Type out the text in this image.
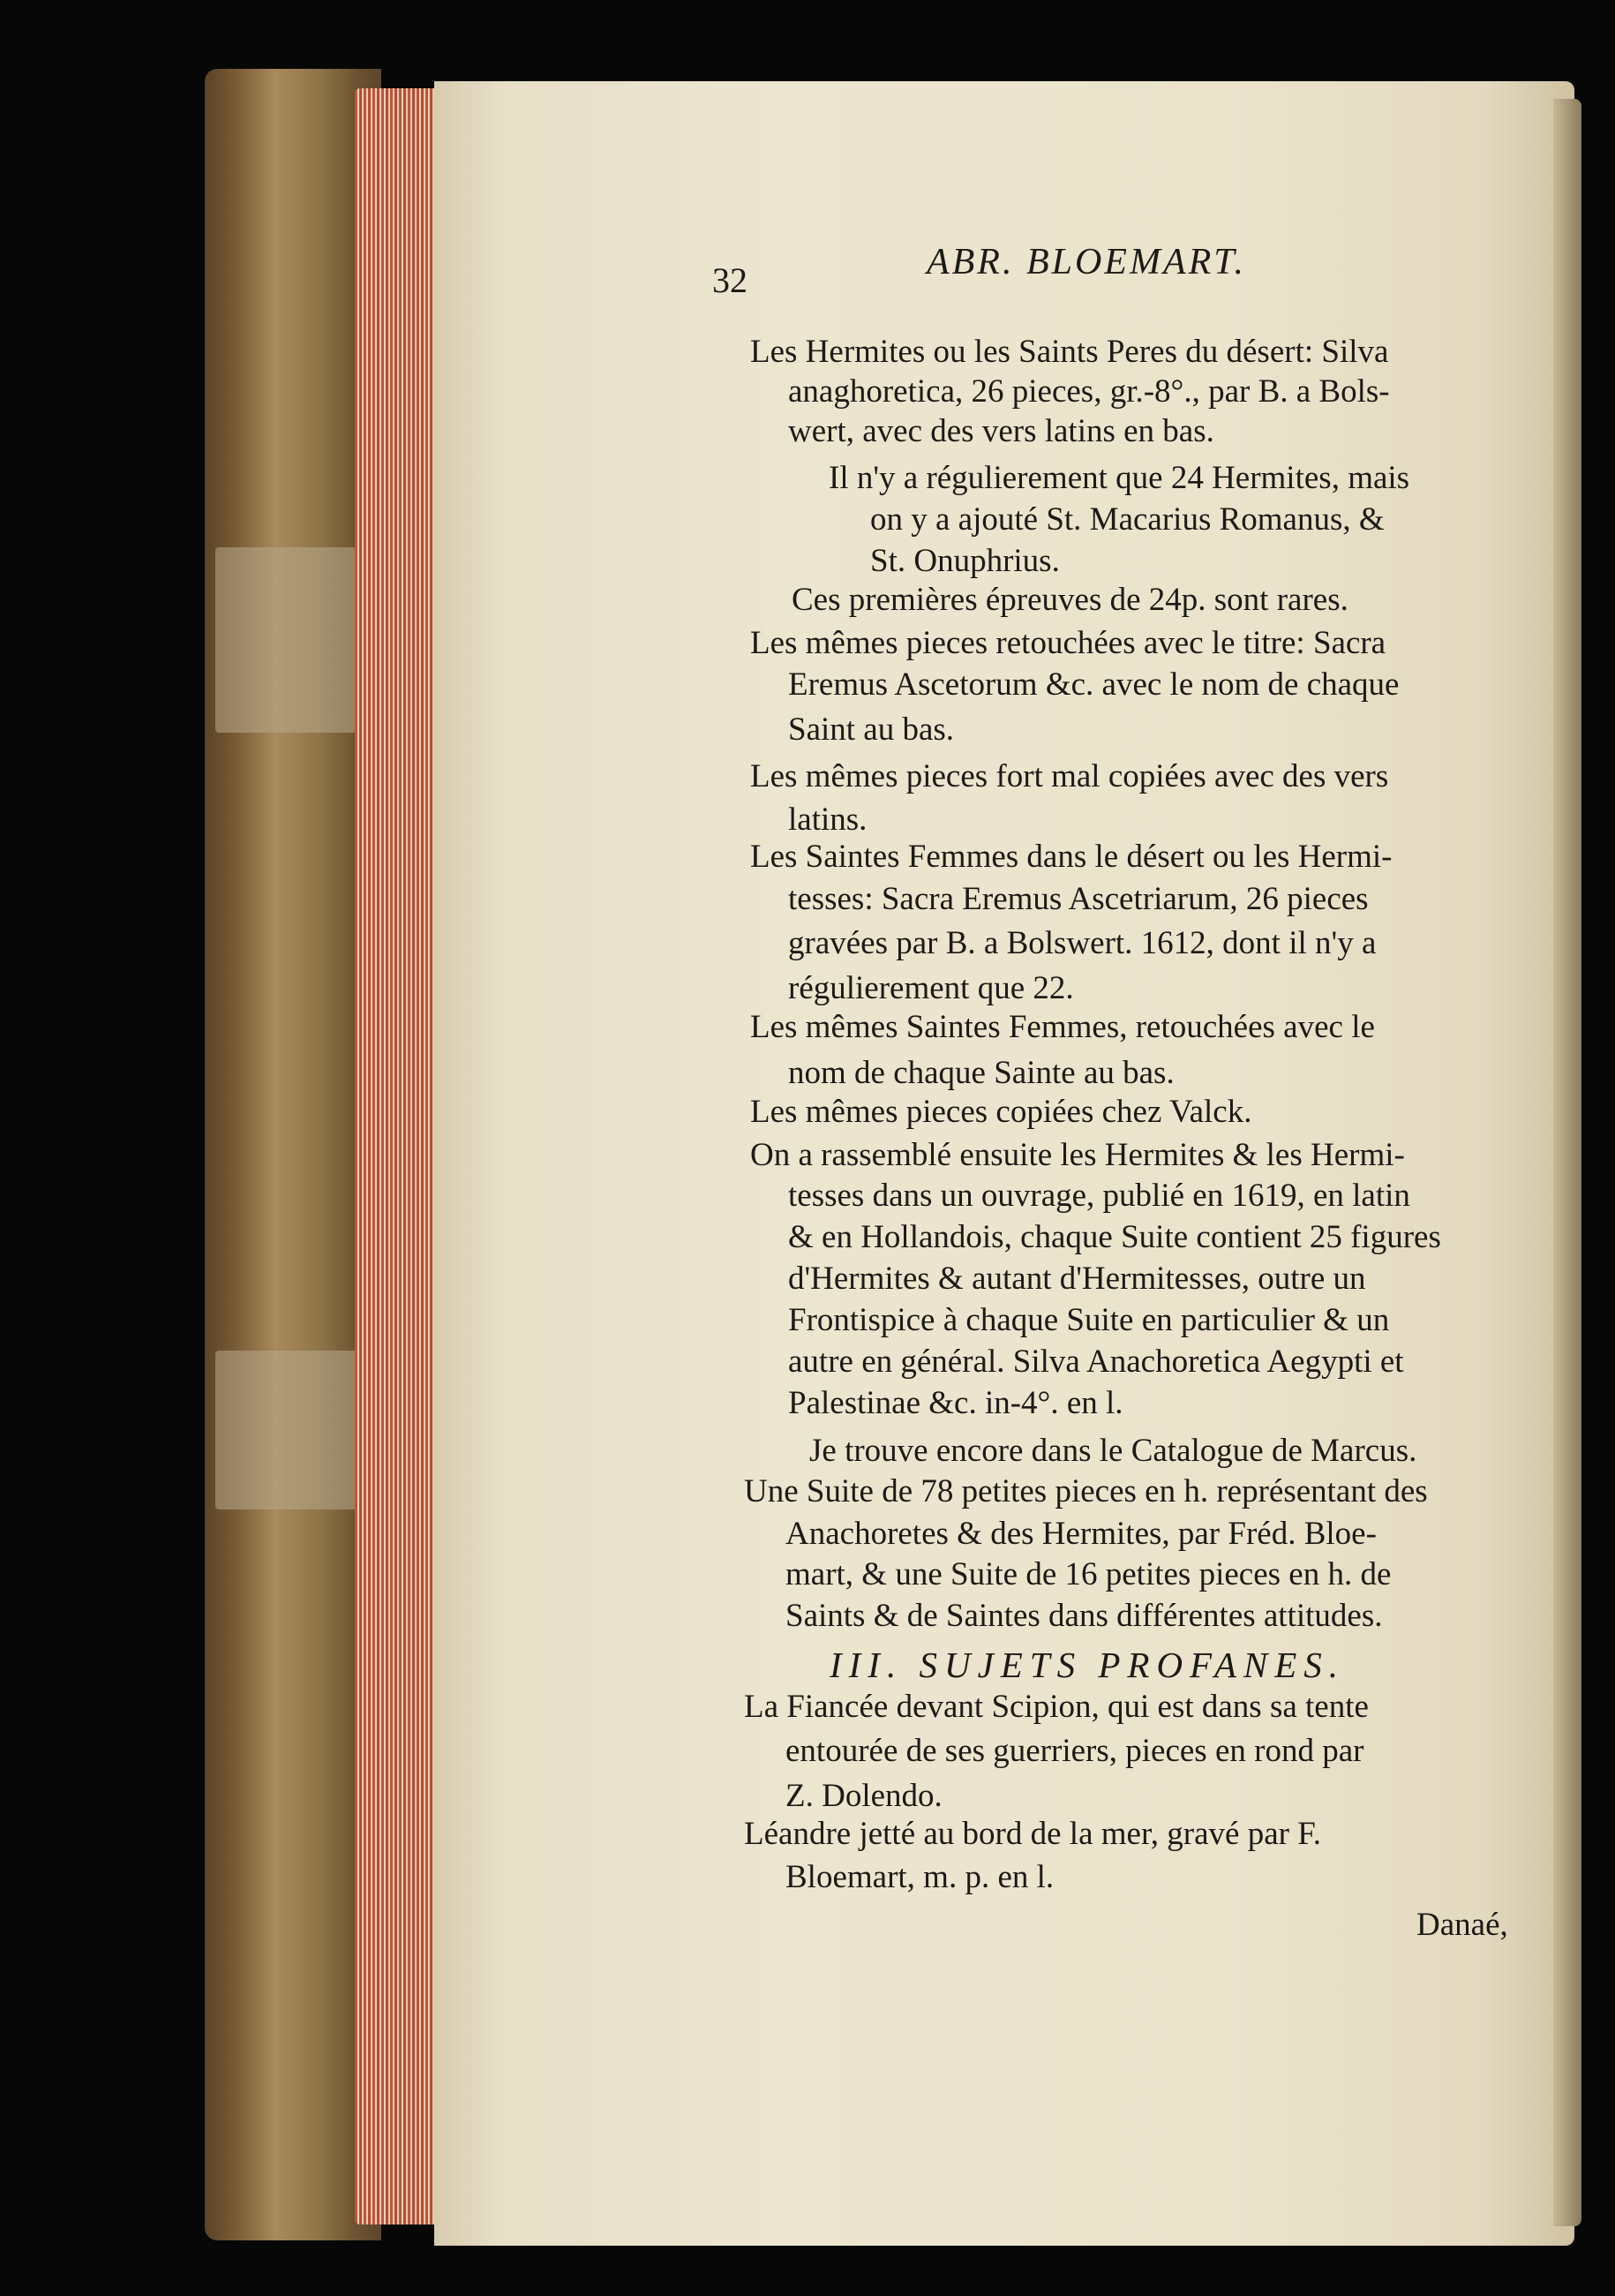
32	ABR. BLOEMART.
Les Hermites ou les Saints Peres du désert: Silva
anaghoretica, 26 pieces, gr.-8°., par B. a Bols-
wert, avec des vers latins en bas.
Il n'y a régulierement que 24 Hermites, mais
on y a ajouté St. Macarius Romanus, &
St. Onuphrius.
Ces premières épreuves de 24p. sont rares.
Les mêmes pieces retouchées avec le titre: Sacra
Eremus Ascetorum &c. avec le nom de chaque
Saint au bas.
Les mêmes pieces fort mal copiées avec des vers
latins.
Les Saintes Femmes dans le désert ou les Hermi-
tesses: Sacra Eremus Ascetriarum, 26 pieces
gravées par B. a Bolswert. 1612, dont il n'y a
régulierement que 22.
Les mêmes Saintes Femmes, retouchées avec le
nom de chaque Sainte au bas.
Les mêmes pieces copiées chez Valck.
On a rassemblé ensuite les Hermites & les Hermi-
tesses dans un ouvrage, publié en 1619, en latin
& en Hollandois, chaque Suite contient 25 figures
d'Hermites & autant d'Hermitesses, outre un
Frontispice à chaque Suite en particulier & un
autre en général. Silva Anachoretica Aegypti et
Palestinae &c. in-4°. en l.
Je trouve encore dans le Catalogue de Marcus.
Une Suite de 78 petites pieces en h. représentant des
Anachoretes & des Hermites, par Fréd. Bloe-
mart, & une Suite de 16 petites pieces en h. de
Saints & de Saintes dans différentes attitudes.
III. SUJETS PROFANES.
La Fiancée devant Scipion, qui est dans sa tente
entourée de ses guerriers, pieces en rond par
Z. Dolendo.
Léandre jetté au bord de la mer, gravé par F.
Bloemart, m. p. en l.
Danaé,
